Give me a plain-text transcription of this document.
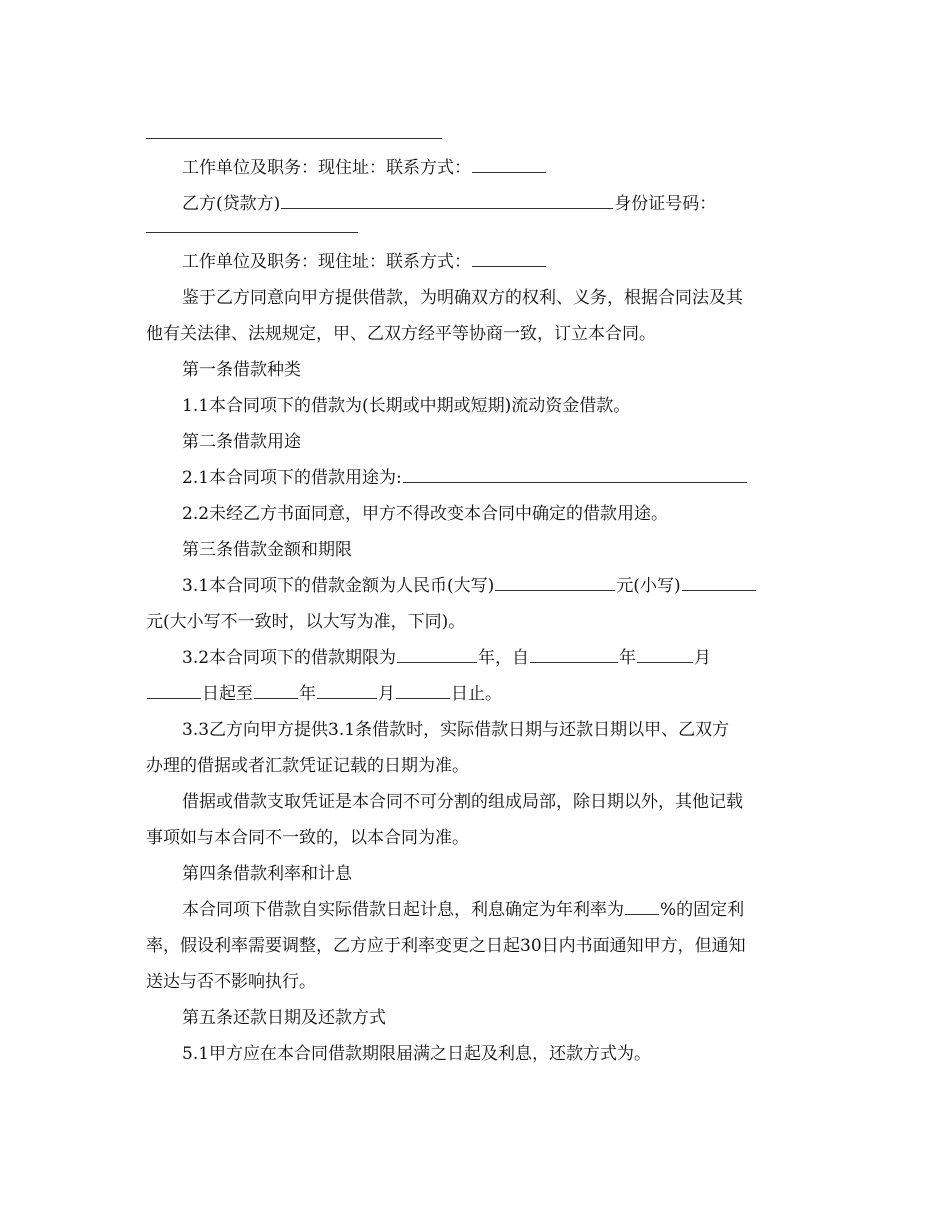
工作单位及职务：现住址：联系方式：
乙方(贷款方)	身份证号码：
工作单位及职务：现住址：联系方式：
鉴于乙方同意向甲方提供借款，为明确双方的权利、义务，根据合同法及其
他有关法律、法规规定，甲、乙双方经平等协商一致，订立本合同。
第一条借款种类
1.1本合同项下的借款为(长期或中期或短期)流动资金借款。
第二条借款用途
2.1本合同项下的借款用途为:
2.2未经乙方书面同意，甲方不得改变本合同中确定的借款用途。
第三条借款金额和期限
3.1本合同项下的借款金额为人民币(大写)	元(小写)
元(大小写不一致时，以大写为准，下同)。
3.2本合同项下的借款期限为	年，自	年	月
日起至	年	月	日止。
3.3乙方向甲方提供3.1条借款时，实际借款日期与还款日期以甲、乙双方
办理的借据或者汇款凭证记载的日期为准。
借据或借款支取凭证是本合同不可分割的组成局部，除日期以外，其他记载
事项如与本合同不一致的，以本合同为准。
第四条借款利率和计息
本合同项下借款自实际借款日起计息，利息确定为年利率为 %的固定利
率，假设利率需要调整，乙方应于利率变更之日起30日内书面通知甲方，但通知
送达与否不影响执行。
第五条还款日期及还款方式
5.1甲方应在本合同借款期限届满之日起及利息，还款方式为。
